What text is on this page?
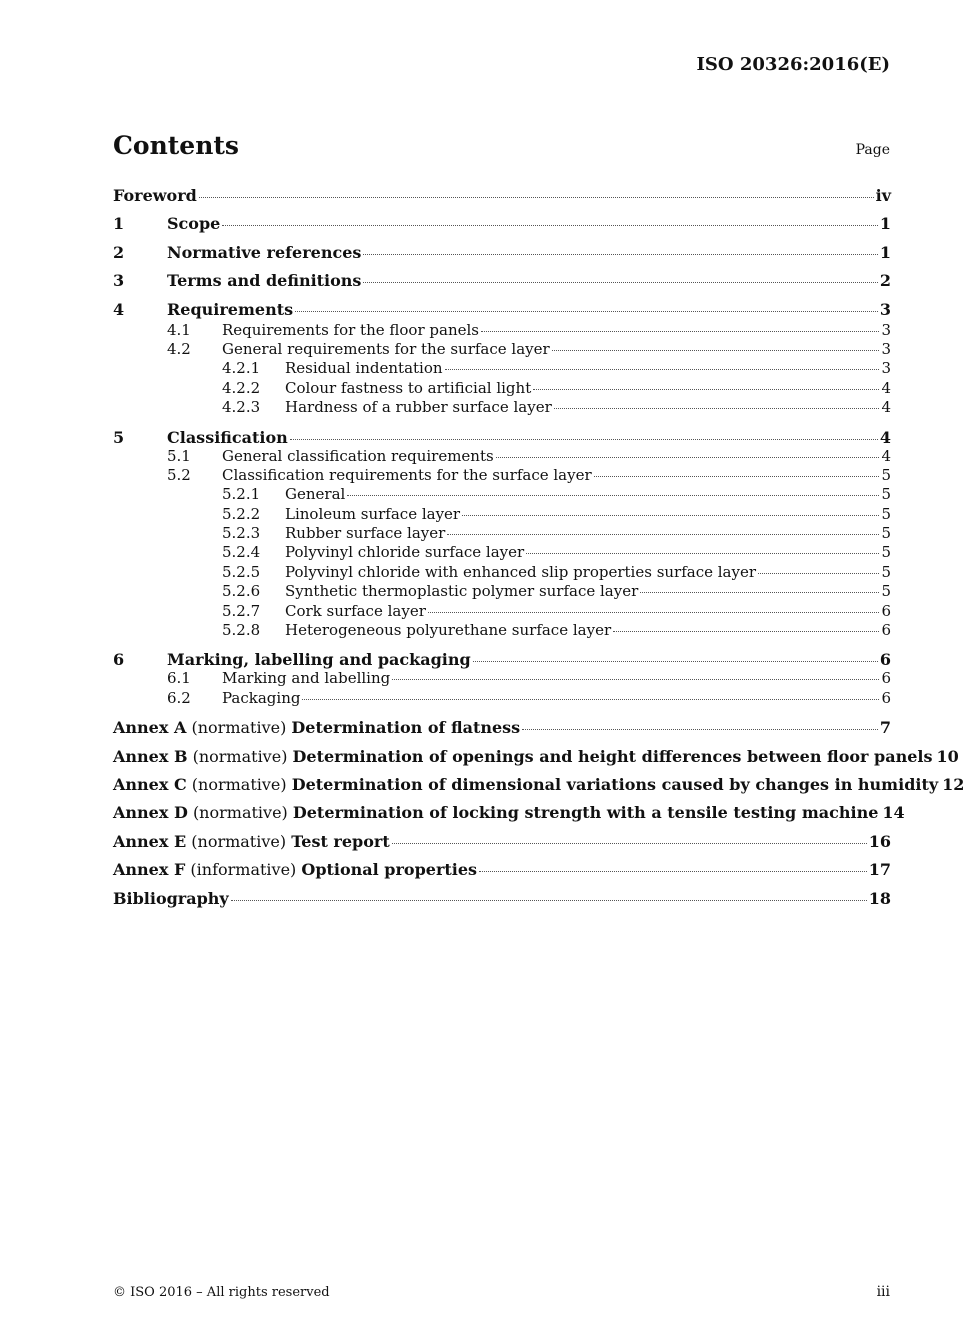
ISO 20326:2016(E)
Contents	Page
Foreword	iv
1	Scope	1
2	Normative references	1
3	Terms and definitions	2
4	Requirements	3
4.1	Requirements for the floor panels	3
4.2	General requirements for the surface layer	3
4.2.1	Residual indentation	3
4.2.2	Colour fastness to artificial light	4
4.2.3	Hardness of a rubber surface layer	4
5	Classification	4
5.1	General classification requirements	4
5.2	Classification requirements for the surface layer	5
5.2.1	General	5
5.2.2	Linoleum surface layer	5
5.2.3	Rubber surface layer	5
5.2.4	Polyvinyl chloride surface layer	5
5.2.5	Polyvinyl chloride with enhanced slip properties surface layer	5
5.2.6	Synthetic thermoplastic polymer surface layer	5
5.2.7	Cork surface layer	6
5.2.8	Heterogeneous polyurethane surface layer	6
6	Marking, labelling and packaging	6
6.1	Marking and labelling	6
6.2	Packaging	6
Annex A (normative) Determination of flatness	7
Annex B (normative) Determination of openings and height differences between floor panels 10
Annex C (normative) Determination of dimensional variations caused by changes in humidity 12
Annex D (normative) Determination of locking strength with a tensile testing machine 14
Annex E (normative) Test report	16
Annex F (informative) Optional properties	17
Bibliography	18
© ISO 2016 – All rights reserved	iii
